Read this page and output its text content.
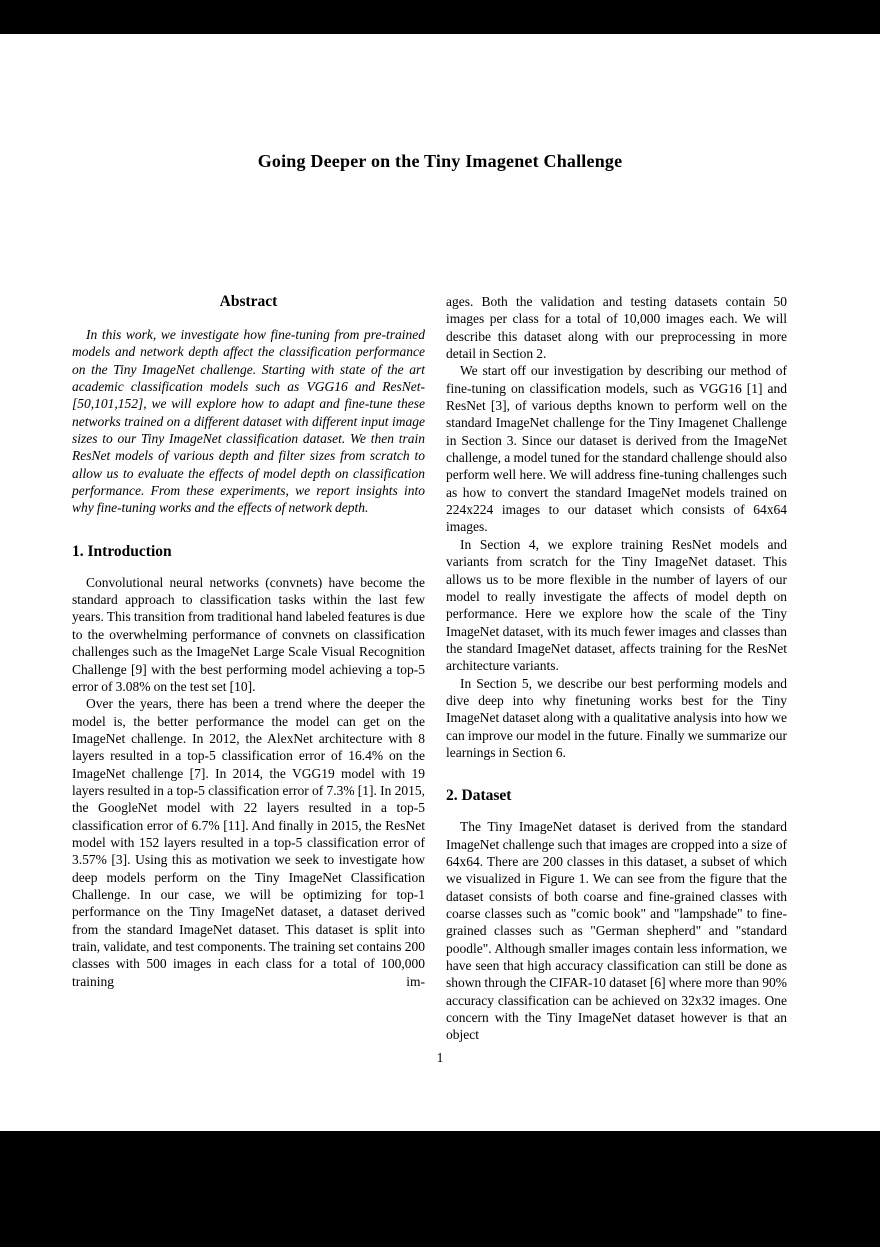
Going Deeper on the Tiny Imagenet Challenge
Abstract

In this work, we investigate how fine-tuning from pre-trained models and network depth affect the classification performance on the Tiny ImageNet challenge. Starting with state of the art academic classification models such as VGG16 and ResNet-[50,101,152], we will explore how to adapt and fine-tune these networks trained on a different dataset with different input image sizes to our Tiny ImageNet classification dataset. We then train ResNet models of various depth and filter sizes from scratch to allow us to evaluate the effects of model depth on classification performance. From these experiments, we report insights into why fine-tuning works and the effects of network depth.

1. Introduction

Convolutional neural networks (convnets) have become the standard approach to classification tasks within the last few years. This transition from traditional hand labeled features is due to the overwhelming performance of convnets on classification challenges such as the ImageNet Large Scale Visual Recognition Challenge [9] with the best performing model achieving a top-5 error of 3.08% on the test set [10].

Over the years, there has been a trend where the deeper the model is, the better performance the model can get on the ImageNet challenge. In 2012, the AlexNet architecture with 8 layers resulted in a top-5 classification error of 16.4% on the ImageNet challenge [7]. In 2014, the VGG19 model with 19 layers resulted in a top-5 classification error of 7.3% [1]. In 2015, the GoogleNet model with 22 layers resulted in a top-5 classification error of 6.7% [11]. And finally in 2015, the ResNet model with 152 layers resulted in a top-5 classification error of 3.57% [3]. Using this as motivation we seek to investigate how deep models perform on the Tiny ImageNet Classification Challenge. In our case, we will be optimizing for top-1 performance on the Tiny ImageNet dataset, a dataset derived from the standard ImageNet dataset. This dataset is split into train, validate, and test components. The training set contains 200 classes with 500 images in each class for a total of 100,000 training im-

ages. Both the validation and testing datasets contain 50 images per class for a total of 10,000 images each. We will describe this dataset along with our preprocessing in more detail in Section 2.

We start off our investigation by describing our method of fine-tuning on classification models, such as VGG16 [1] and ResNet [3], of various depths known to perform well on the standard ImageNet challenge for the Tiny Imagenet Challenge in Section 3. Since our dataset is derived from the ImageNet challenge, a model tuned for the standard challenge should also perform well here. We will address fine-tuning challenges such as how to convert the standard ImageNet models trained on 224x224 images to our dataset which consists of 64x64 images.

In Section 4, we explore training ResNet models and variants from scratch for the Tiny ImageNet dataset. This allows us to be more flexible in the number of layers of our model to really investigate the affects of model depth on performance. Here we explore how the scale of the Tiny ImageNet dataset, with its much fewer images and classes than the standard ImageNet dataset, affects training for the ResNet architecture variants.

In Section 5, we describe our best performing models and dive deep into why finetuning works best for the Tiny ImageNet dataset along with a qualitative analysis into how we can improve our model in the future. Finally we summarize our learnings in Section 6.

2. Dataset

The Tiny ImageNet dataset is derived from the standard ImageNet challenge such that images are cropped into a size of 64x64. There are 200 classes in this dataset, a subset of which we visualized in Figure 1. We can see from the figure that the dataset consists of both coarse and fine-grained classes with coarse classes such as "comic book" and "lampshade" to fine-grained classes such as "German shepherd" and "standard poodle". Although smaller images contain less information, we have seen that high accuracy classification can still be done as shown through the CIFAR-10 dataset [6] where more than 90% accuracy classification can be achieved on 32x32 images. One concern with the Tiny ImageNet dataset however is that an object

1
